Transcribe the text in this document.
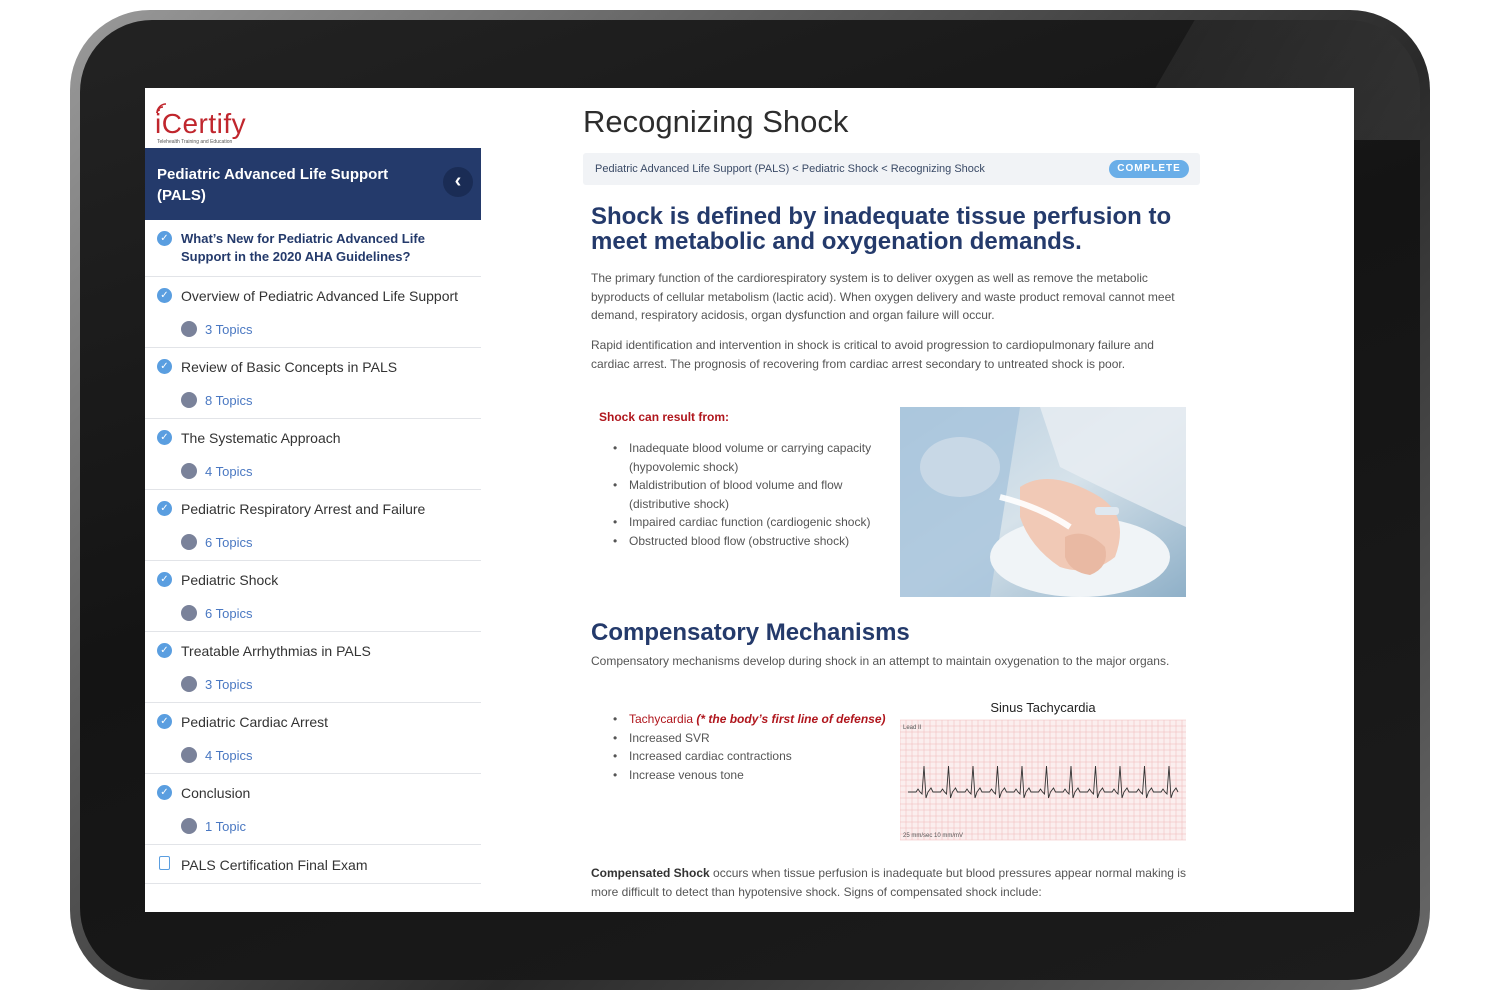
iCertify
Telehealth Training and Education
Pediatric Advanced Life Support (PALS)
‹
✓ What’s New for Pediatric Advanced Life Support in the 2020 AHA Guidelines?
✓ Overview of Pediatric Advanced Life Support
3 Topics
✓ Review of Basic Concepts in PALS
8 Topics
✓ The Systematic Approach
4 Topics
✓ Pediatric Respiratory Arrest and Failure
6 Topics
✓ Pediatric Shock
6 Topics
✓ Treatable Arrhythmias in PALS
3 Topics
✓ Pediatric Cardiac Arrest
4 Topics
✓ Conclusion
1 Topic
PALS Certification Final Exam
Recognizing Shock
Pediatric Advanced Life Support (PALS) < Pediatric Shock < Recognizing Shock	COMPLETE
Shock is defined by inadequate tissue perfusion to meet metabolic and oxygenation demands.
The primary function of the cardiorespiratory system is to deliver oxygen as well as remove the metabolic byproducts of cellular metabolism (lactic acid). When oxygen delivery and waste product removal cannot meet demand, respiratory acidosis, organ dysfunction and organ failure will occur.
Rapid identification and intervention in shock is critical to avoid progression to cardiopulmonary failure and cardiac arrest. The prognosis of recovering from cardiac arrest secondary to untreated shock is poor.
Shock can result from:
• Inadequate blood volume or carrying capacity (hypovolemic shock)
• Maldistribution of blood volume and flow (distributive shock)
• Impaired cardiac function (cardiogenic shock)
• Obstructed blood flow (obstructive shock)
Compensatory Mechanisms
Compensatory mechanisms develop during shock in an attempt to maintain oxygenation to the major organs.
• Tachycardia (* the body’s first line of defense)
• Increased SVR
• Increased cardiac contractions
• Increase venous tone
Sinus Tachycardia
Lead II
25 mm/sec 10 mm/mV
Compensated Shock occurs when tissue perfusion is inadequate but blood pressures appear normal making is more difficult to detect than hypotensive shock. Signs of compensated shock include:
